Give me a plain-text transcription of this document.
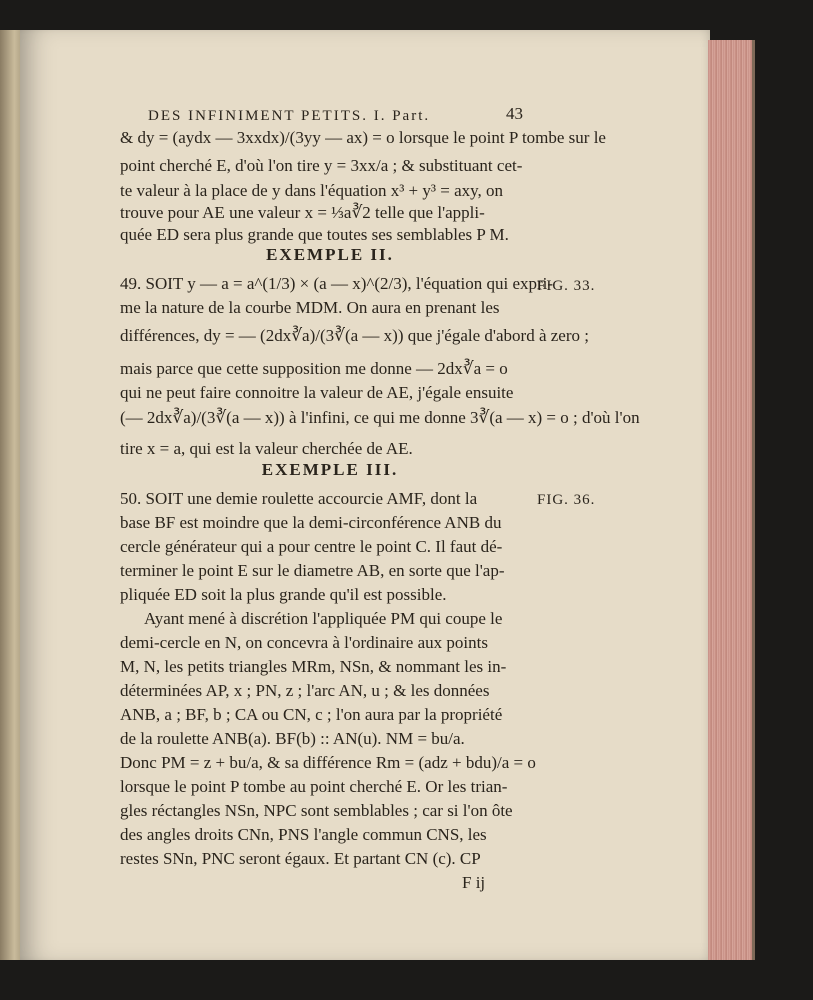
DES INFINIMENT PETITS. I. Part.	43
& dy = (aydx — 3xxdx)/(3yy — ax) = o lorsque le point P tombe sur le
point cherché E, d'où l'on tire y = 3xx/a ; & substituant cet-
te valeur à la place de y dans l'équation x³ + y³ = axy, on
trouve pour AE une valeur x = ⅓a∛2 telle que l'appli-
quée ED sera plus grande que toutes ses semblables P M.
EXEMPLE II.
49. SOIT y — a = a^(1/3) × (a — x)^(2/3), l'équation qui expri-
me la nature de la courbe MDM. On aura en prenant les
différences, dy = — (2dx∛a)/(3∛(a — x)) que j'égale d'abord à zero ;
mais parce que cette supposition me donne — 2dx∛a = o
qui ne peut faire connoitre la valeur de AE, j'égale ensuite
(— 2dx∛a)/(3∛(a — x)) à l'infini, ce qui me donne 3∛(a — x) = o ; d'où l'on
tire x = a, qui est la valeur cherchée de AE.
FIG. 33.
EXEMPLE III.
50. SOIT une demie roulette accourcie AMF, dont la
base BF est moindre que la demi-circonférence ANB du
cercle générateur qui a pour centre le point C. Il faut dé-
terminer le point E sur le diametre AB, en sorte que l'ap-
pliquée ED soit la plus grande qu'il est possible.
Ayant mené à discrétion l'appliquée PM qui coupe le
demi-cercle en N, on concevra à l'ordinaire aux points
M, N, les petits triangles MRm, NSn, & nommant les in-
déterminées AP, x ; PN, z ; l'arc AN, u ; & les données
ANB, a ; BF, b ; CA ou CN, c ; l'on aura par la propriété
de la roulette ANB(a). BF(b) :: AN(u). NM = bu/a.
Donc PM = z + bu/a, & sa différence Rm = (adz + bdu)/a = o
lorsque le point P tombe au point cherché E. Or les trian-
gles réctangles NSn, NPC sont semblables ; car si l'on ôte
des angles droits CNn, PNS l'angle commun CNS, les
restes SNn, PNC seront égaux. Et partant CN (c). CP
FIG. 36.
F ij
